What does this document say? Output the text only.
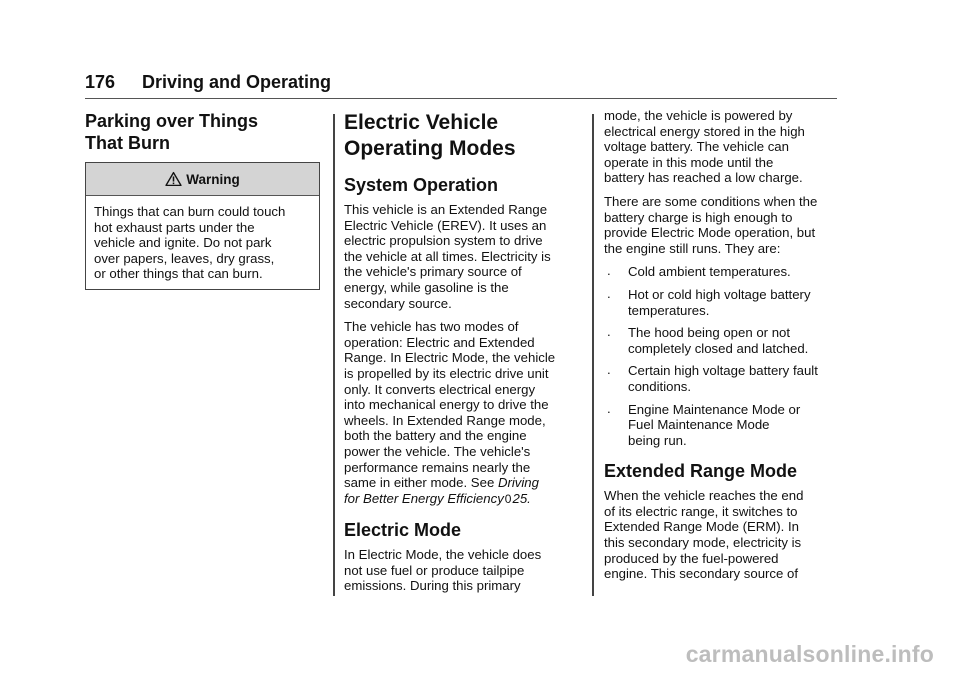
176 Driving and Operating
Parking over Things
That Burn
Warning

Things that can burn could touch

hot exhaust parts under the

vehicle and ignite. Do not park

over papers, leaves, dry grass,

or other things that can burn.

Electric Vehicle
Operating Modes
System Operation

This vehicle is an Extended Range
Electric Vehicle (EREV). It uses an
electric propulsion system to drive
the vehicle at all times. Electricity is
the vehicle's primary source of
energy, while gasoline is the
secondary source.

The vehicle has two modes of
operation: Electric and Extended
Range. In Electric Mode, the vehicle
is propelled by its electric drive unit
only. It converts electrical energy
into mechanical energy to drive the
wheels. In Extended Range mode,
both the battery and the engine
power the vehicle. The vehicle's
performance remains nearly the
same in either mode. See Driving
for Better Energy Efficiency025.

Electric Mode

In Electric Mode, the vehicle does
not use fuel or produce tailpipe
emissions. During this primary

mode, the vehicle is powered by
electrical energy stored in the high
voltage battery. The vehicle can
operate in this mode until the
battery has reached a low charge.

There are some conditions when the
battery charge is high enough to
provide Electric Mode operation, but
the engine still runs. They are:

. Cold ambient temperatures.
. Hot or cold high voltage battery
temperatures.
. The hood being open or not
completely closed and latched.
. Certain high voltage battery fault
conditions.
. Engine Maintenance Mode or
Fuel Maintenance Mode
being run.
Extended Range Mode

When the vehicle reaches the end
of its electric range, it switches to
Extended Range Mode (ERM). In
this secondary mode, electricity is
produced by the fuel-powered
engine. This secondary source of

carmanualsonline.info
